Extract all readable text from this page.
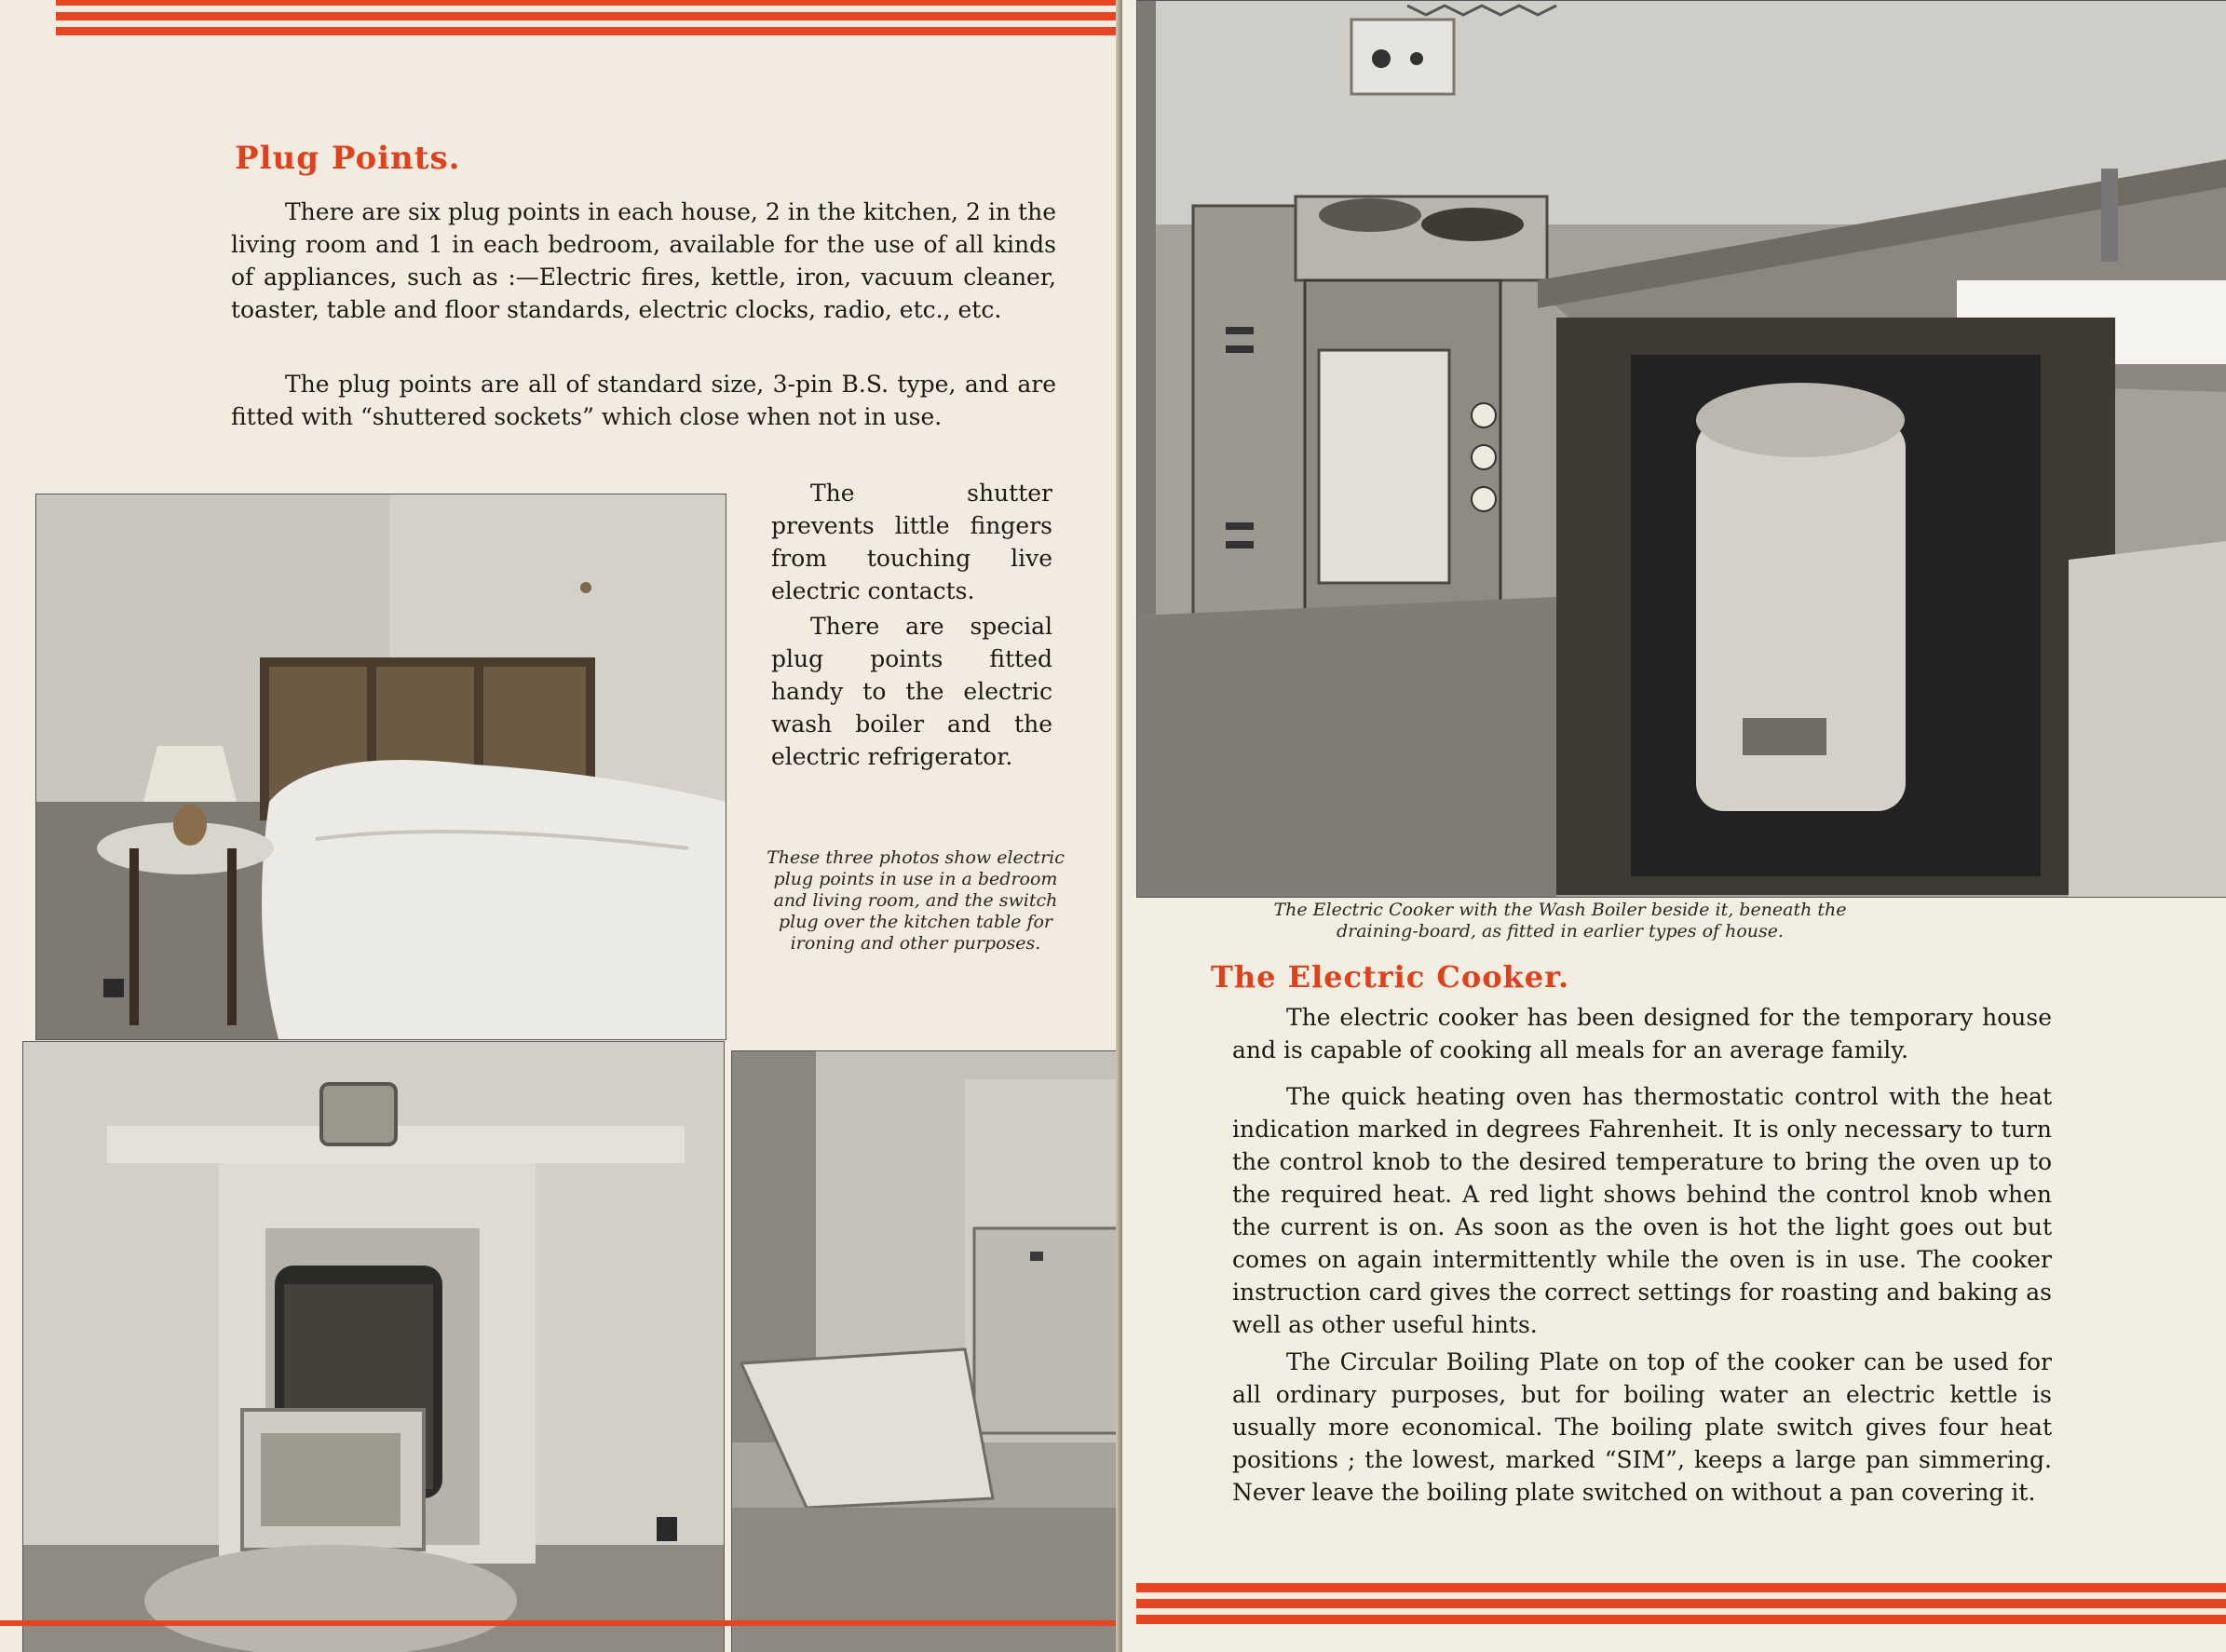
Plug Points.

There are six plug points in each house, 2 in the kitchen, 2 in the living room and 1 in each bedroom, available for the use of all kinds of appliances, such as :—Electric fires, kettle, iron, vacuum cleaner, toaster, table and floor standards, electric clocks, radio, etc., etc.

The plug points are all of standard size, 3-pin B.S. type, and are fitted with “shuttered sockets” which close when not in use.

The shutter prevents little fingers from touching live electric contacts.

There are special plug points fitted handy to the electric wash boiler and the electric refrigerator.

These three photos show electric plug points in use in a bedroom and living room, and the switch plug over the kitchen table for ironing and other purposes.

The Electric Cooker with the Wash Boiler beside it, beneath the draining-board, as fitted in earlier types of house.

The Electric Cooker.

The electric cooker has been designed for the temporary house and is capable of cooking all meals for an average family.

The quick heating oven has thermostatic control with the heat indication marked in degrees Fahrenheit. It is only necessary to turn the control knob to the desired temperature to bring the oven up to the required heat. A red light shows behind the control knob when the current is on. As soon as the oven is hot the light goes out but comes on again intermittently while the oven is in use. The cooker instruction card gives the correct settings for roasting and baking as well as other useful hints.

The Circular Boiling Plate on top of the cooker can be used for all ordinary purposes, but for boiling water an electric kettle is usually more economical. The boiling plate switch gives four heat positions ; the lowest, marked “SIM”, keeps a large pan simmering. Never leave the boiling plate switched on without a pan covering it.
